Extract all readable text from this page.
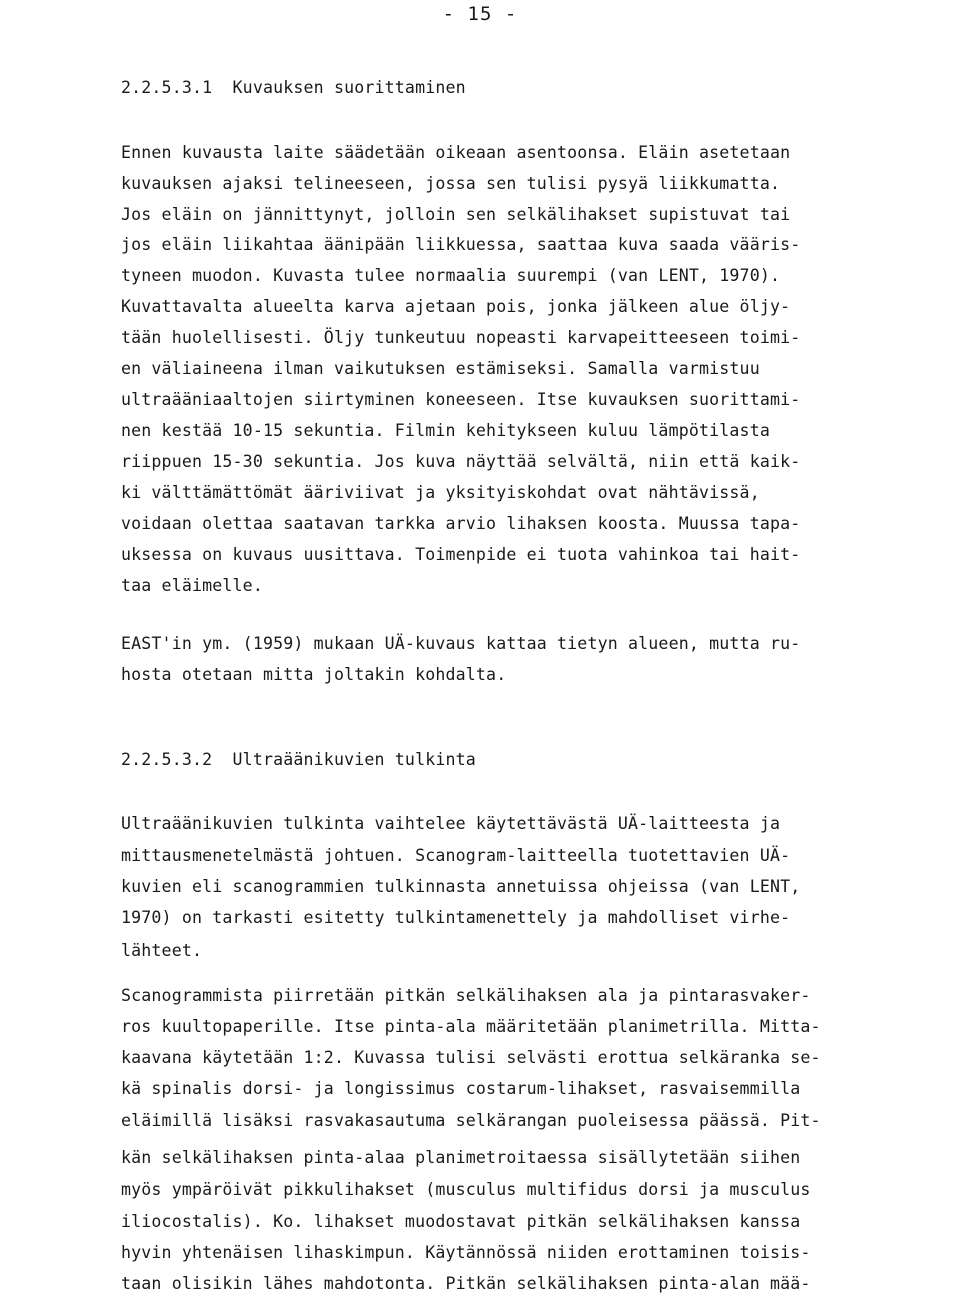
- 15 -
2.2.5.3.1  Kuvauksen suorittaminen
Ennen kuvausta laite säädetään oikeaan asentoonsa. Eläin asetetaan
kuvauksen ajaksi telineeseen, jossa sen tulisi pysyä liikkumatta.
Jos eläin on jännittynyt, jolloin sen selkälihakset supistuvat tai
jos eläin liikahtaa äänipään liikkuessa, saattaa kuva saada vääris-
tyneen muodon. Kuvasta tulee normaalia suurempi (van LENT, 1970).
Kuvattavalta alueelta karva ajetaan pois, jonka jälkeen alue öljy-
tään huolellisesti. Öljy tunkeutuu nopeasti karvapeitteeseen toimi-
en väliaineena ilman vaikutuksen estämiseksi. Samalla varmistuu
ultraääniaaltojen siirtyminen koneeseen. Itse kuvauksen suorittami-
nen kestää 10-15 sekuntia. Filmin kehitykseen kuluu lämpötilasta
riippuen 15-30 sekuntia. Jos kuva näyttää selvältä, niin että kaik-
ki välttämättömät ääriviivat ja yksityiskohdat ovat nähtävissä,
voidaan olettaa saatavan tarkka arvio lihaksen koosta. Muussa tapa-
uksessa on kuvaus uusittava. Toimenpide ei tuota vahinkoa tai hait-
taa eläimelle.
EAST'in ym. (1959) mukaan UÄ-kuvaus kattaa tietyn alueen, mutta ru-
hosta otetaan mitta joltakin kohdalta.
2.2.5.3.2  Ultraäänikuvien tulkinta
Ultraäänikuvien tulkinta vaihtelee käytettävästä UÄ-laitteesta ja
mittausmenetelmästä johtuen. Scanogram-laitteella tuotettavien UÄ-
kuvien eli scanogrammien tulkinnasta annetuissa ohjeissa (van LENT,
1970) on tarkasti esitetty tulkintamenettely ja mahdolliset virhe-
lähteet.
Scanogrammista piirretään pitkän selkälihaksen ala ja pintarasvaker-
ros kuultopaperille. Itse pinta-ala määritetään planimetrilla. Mitta-
kaavana käytetään 1:2. Kuvassa tulisi selvästi erottua selkäranka se-
kä spinalis dorsi- ja longissimus costarum-lihakset, rasvaisemmilla
eläimillä lisäksi rasvakasautuma selkärangan puoleisessa päässä. Pit-
kän selkälihaksen pinta-alaa planimetroitaessa sisällytetään siihen
myös ympäröivät pikkulihakset (musculus multifidus dorsi ja musculus
iliocostalis). Ko. lihakset muodostavat pitkän selkälihaksen kanssa
hyvin yhtenäisen lihaskimpun. Käytännössä niiden erottaminen toisis-
taan olisikin lähes mahdotonta. Pitkän selkälihaksen pinta-alan mää-
